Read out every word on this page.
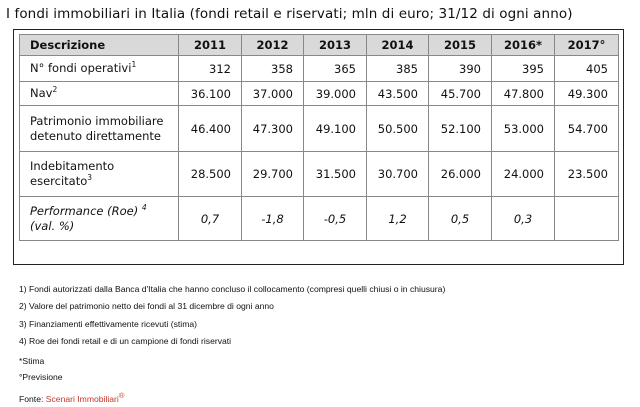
I fondi immobiliari in Italia (fondi retail e riservati; mln di euro; 31/12 di ogni anno)
Descrizione	2011	2012	2013	2014	2015	2016*	2017°
N° fondi operativi$^1$	312	358	365	385	390	395	405
Nav$^2$	36.100	37.000	39.000	43.500	45.700	47.800	49.300
Patrimonio immobiliare
detenuto direttamente	46.400	47.300	49.100	50.500	52.100	53.000	54.700
Indebitamento
esercitato$^3$	28.500	29.700	31.500	30.700	26.000	24.000	23.500
Performance (Roe) $^4$
(val. %)	0,7	-1,8	-0,5	1,2	0,5	0,3	
1) Fondi autorizzati dalla Banca d'Italia che hanno concluso il collocamento (compresi quelli chiusi o in chiusura)
2) Valore del patrimonio netto dei fondi al 31 dicembre di ogni anno
3) Finanziamenti effettivamente ricevuti (stima)
4) Roe dei fondi retail e di un campione di fondi riservati
*Stima
°Previsione
Fonte: Scenari Immobiliari®
